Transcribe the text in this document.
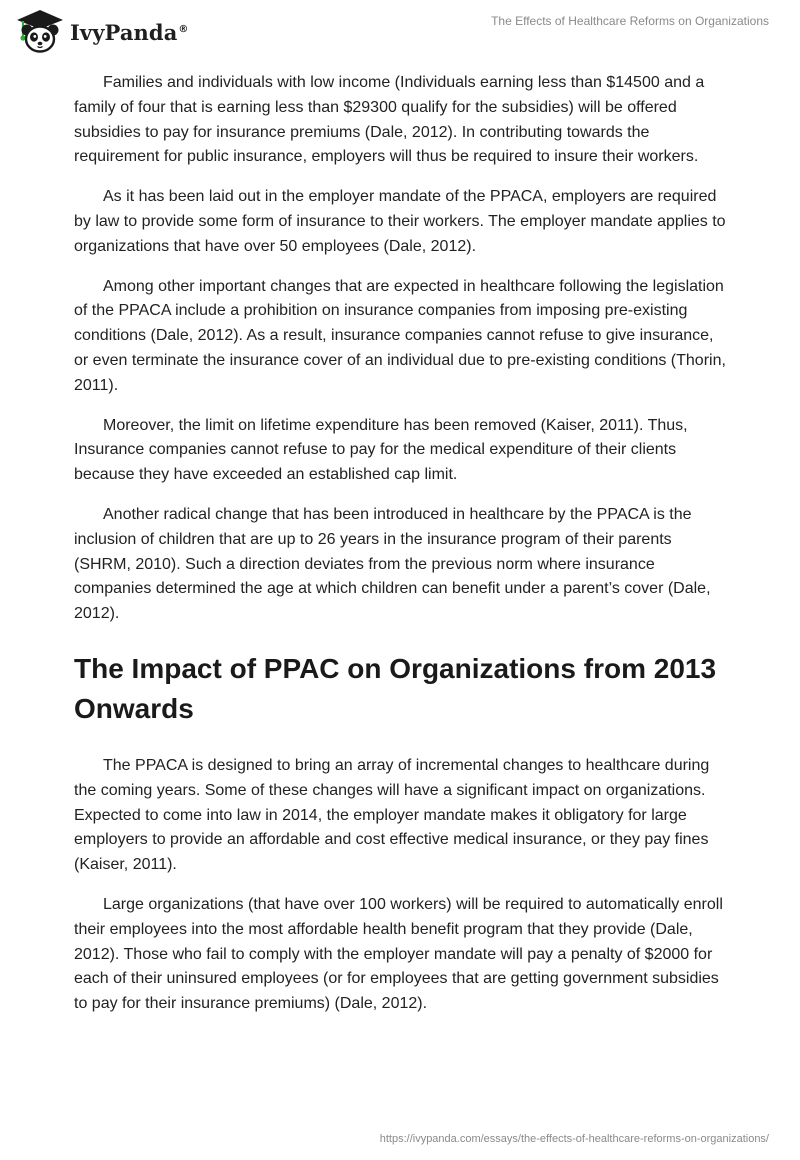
IvyPanda®
The Effects of Healthcare Reforms on Organizations

Families and individuals with low income (Individuals earning less than $14500 and a family of four that is earning less than $29300 qualify for the subsidies) will be offered subsidies to pay for insurance premiums (Dale, 2012). In contributing towards the requirement for public insurance, employers will thus be required to insure their workers.

As it has been laid out in the employer mandate of the PPACA, employers are required by law to provide some form of insurance to their workers. The employer mandate applies to organizations that have over 50 employees (Dale, 2012).

Among other important changes that are expected in healthcare following the legislation of the PPACA include a prohibition on insurance companies from imposing pre-existing conditions (Dale, 2012). As a result, insurance companies cannot refuse to give insurance, or even terminate the insurance cover of an individual due to pre-existing conditions (Thorin, 2011).

Moreover, the limit on lifetime expenditure has been removed (Kaiser, 2011). Thus, Insurance companies cannot refuse to pay for the medical expenditure of their clients because they have exceeded an established cap limit.

Another radical change that has been introduced in healthcare by the PPACA is the inclusion of children that are up to 26 years in the insurance program of their parents (SHRM, 2010). Such a direction deviates from the previous norm where insurance companies determined the age at which children can benefit under a parent’s cover (Dale, 2012).

The Impact of PPAC on Organizations from 2013 Onwards

The PPACA is designed to bring an array of incremental changes to healthcare during the coming years. Some of these changes will have a significant impact on organizations. Expected to come into law in 2014, the employer mandate makes it obligatory for large employers to provide an affordable and cost effective medical insurance, or they pay fines (Kaiser, 2011).

Large organizations (that have over 100 workers) will be required to automatically enroll their employees into the most affordable health benefit program that they provide (Dale, 2012). Those who fail to comply with the employer mandate will pay a penalty of $2000 for each of their uninsured employees (or for employees that are getting government subsidies to pay for their insurance premiums) (Dale, 2012).

https://ivypanda.com/essays/the-effects-of-healthcare-reforms-on-organizations/
